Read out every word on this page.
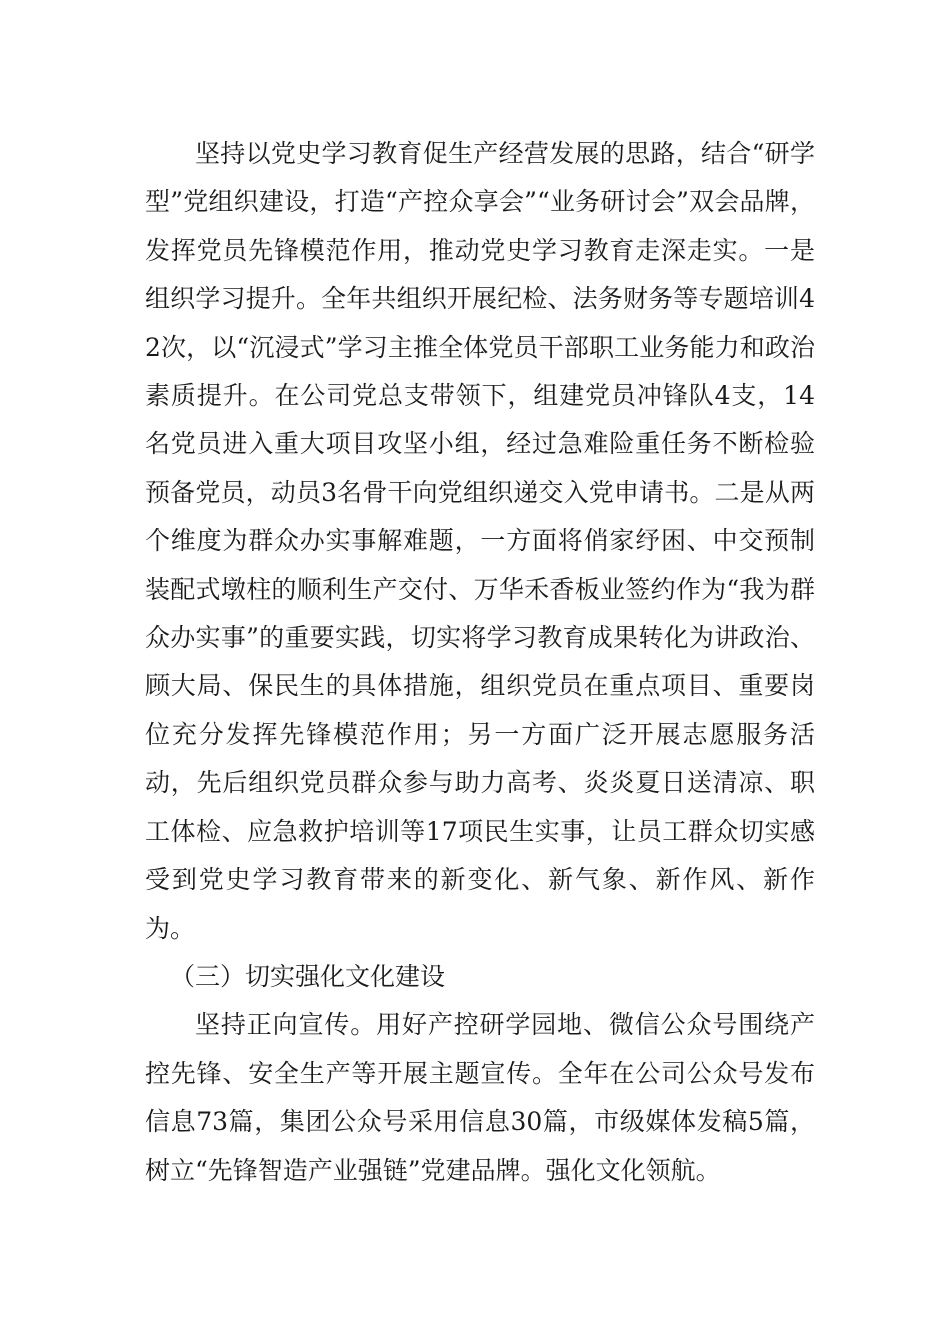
坚持以党史学习教育促生产经营发展的思路，结合“研学型”党组织建设，打造“产控众享会”“业务研讨会”双会品牌，发挥党员先锋模范作用，推动党史学习教育走深走实。一是组织学习提升。全年共组织开展纪检、法务财务等专题培训42次，以“沉浸式”学习主推全体党员干部职工业务能力和政治素质提升。在公司党总支带领下，组建党员冲锋队4支，14名党员进入重大项目攻坚小组，经过急难险重任务不断检验预备党员，动员3名骨干向党组织递交入党申请书。二是从两个维度为群众办实事解难题，一方面将俏家纾困、中交预制装配式墩柱的顺利生产交付、万华禾香板业签约作为“我为群众办实事”的重要实践，切实将学习教育成果转化为讲政治、顾大局、保民生的具体措施，组织党员在重点项目、重要岗位充分发挥先锋模范作用；另一方面广泛开展志愿服务活动，先后组织党员群众参与助力高考、炎炎夏日送清凉、职工体检、应急救护培训等17项民生实事，让员工群众切实感受到党史学习教育带来的新变化、新气象、新作风、新作为。

（三）切实强化文化建设

坚持正向宣传。用好产控研学园地、微信公众号围绕产控先锋、安全生产等开展主题宣传。全年在公司公众号发布信息73篇，集团公众号采用信息30篇，市级媒体发稿5篇，树立“先锋智造产业强链”党建品牌。强化文化领航。
